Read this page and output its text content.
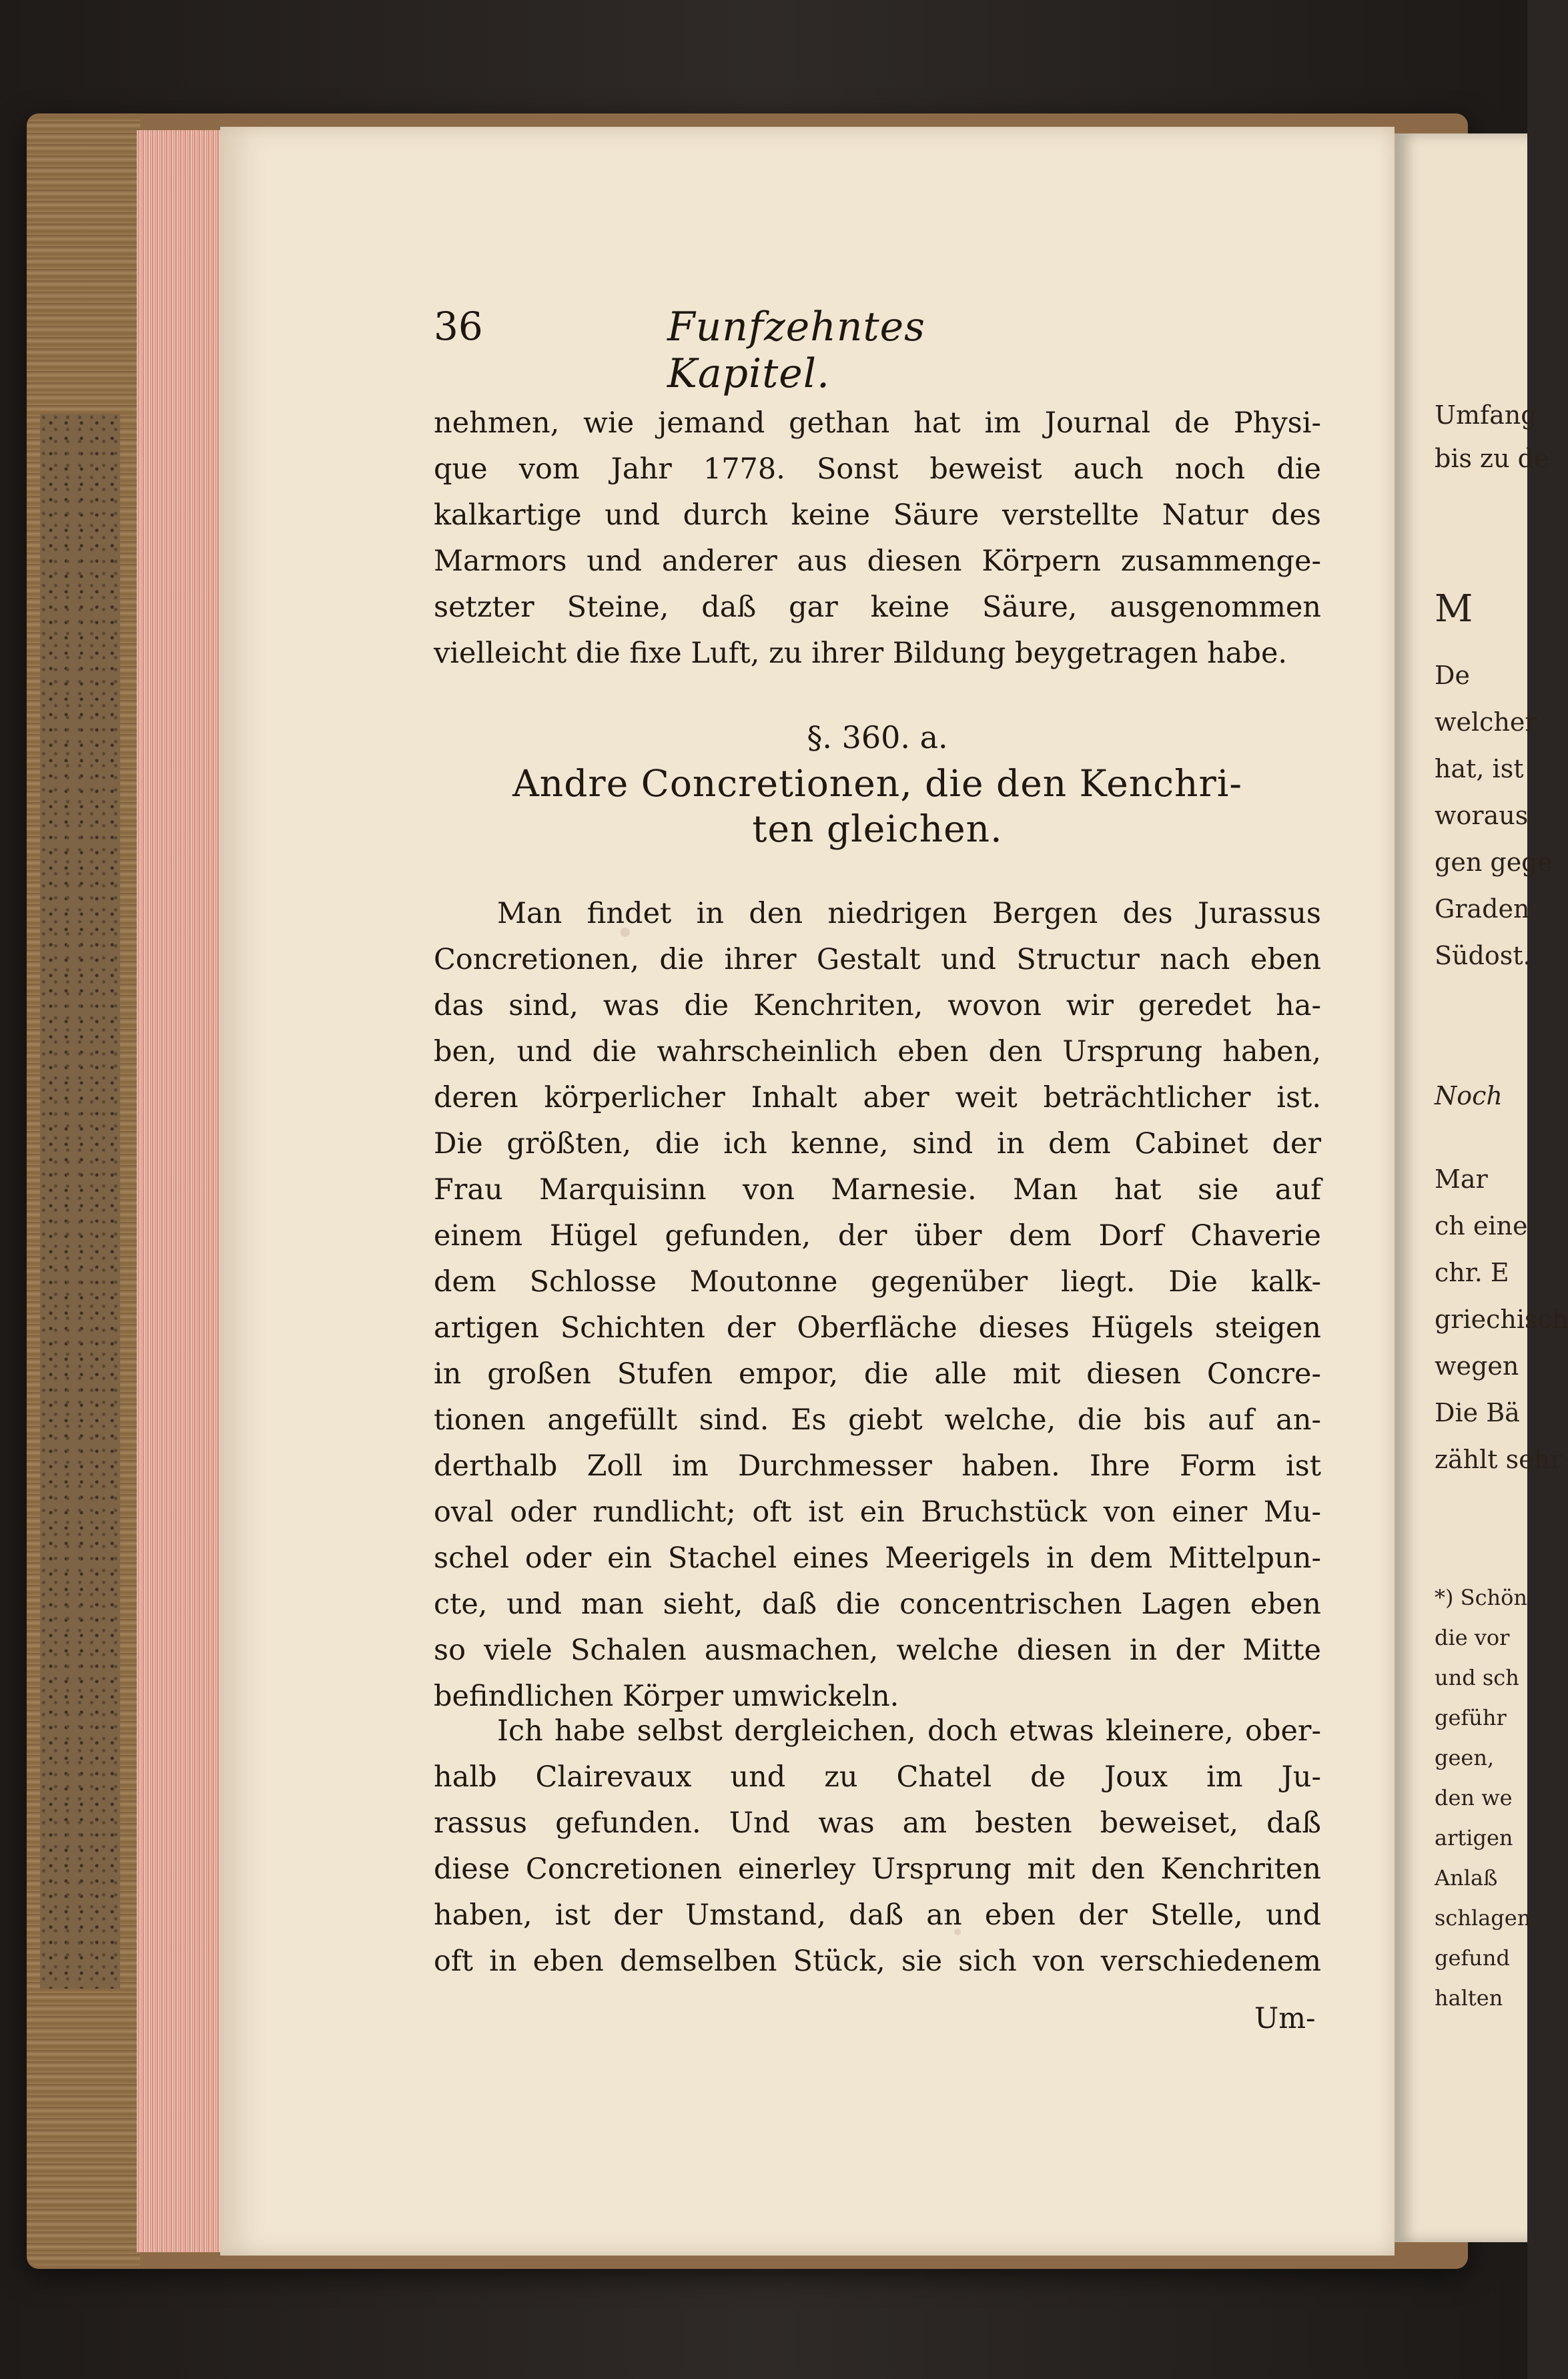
Umfang
bis zu de
M
De
welcher
hat, ist
woraus
gen gege
Graden
Südost.
Noch
Mar
ch eine
chr. E
griechisch
wegen
Die Bä
zählt sehr
*) Schön
die vor
und sch
geführ
geen,
den we
artigen
Anlaß
schlagen
gefund
halten
36	Funfzehntes Kapitel.
nehmen, wie jemand gethan hat im Journal de Physi-
que vom Jahr 1778. Sonst beweist auch noch die
kalkartige und durch keine Säure verstellte Natur des
Marmors und anderer aus diesen Körpern zusammenge-
setzter Steine, daß gar keine Säure, ausgenommen
vielleicht die fixe Luft, zu ihrer Bildung beygetragen habe.
§. 360. a.
Andre Concretionen, die den Kenchri-
ten gleichen.
Man findet in den niedrigen Bergen des Jurassus
Concretionen, die ihrer Gestalt und Structur nach eben
das sind, was die Kenchriten, wovon wir geredet ha-
ben, und die wahrscheinlich eben den Ursprung haben,
deren körperlicher Inhalt aber weit beträchtlicher ist.
Die größten, die ich kenne, sind in dem Cabinet der
Frau Marquisinn von Marnesie. Man hat sie auf
einem Hügel gefunden, der über dem Dorf Chaverie
dem Schlosse Moutonne gegenüber liegt. Die kalk-
artigen Schichten der Oberfläche dieses Hügels steigen
in großen Stufen empor, die alle mit diesen Concre-
tionen angefüllt sind. Es giebt welche, die bis auf an-
derthalb Zoll im Durchmesser haben. Ihre Form ist
oval oder rundlicht; oft ist ein Bruchstück von einer Mu-
schel oder ein Stachel eines Meerigels in dem Mittelpun-
cte, und man sieht, daß die concentrischen Lagen eben
so viele Schalen ausmachen, welche diesen in der Mitte
befindlichen Körper umwickeln.
Ich habe selbst dergleichen, doch etwas kleinere, ober-
halb Clairevaux und zu Chatel de Joux im Ju-
rassus gefunden. Und was am besten beweiset, daß
diese Concretionen einerley Ursprung mit den Kenchriten
haben, ist der Umstand, daß an eben der Stelle, und
oft in eben demselben Stück, sie sich von verschiedenem
Um-
